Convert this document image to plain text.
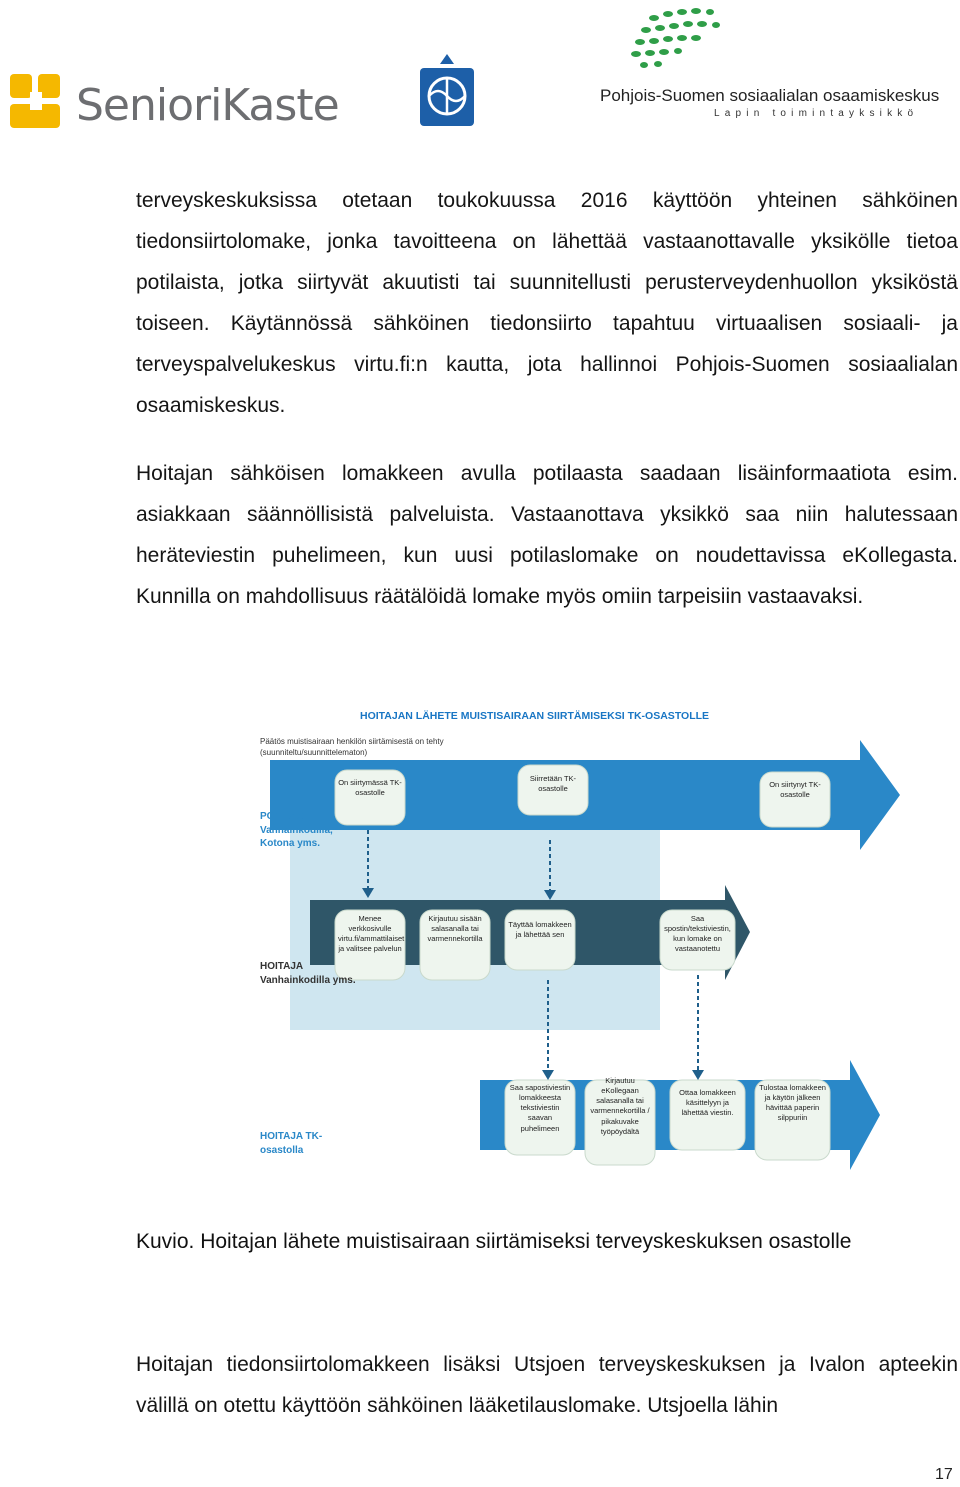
SenioriKaste	Pohjois-Suomen sosiaalialan osaamiskeskus
Lapin toimintayksikkö

terveyskeskuksissa otetaan toukokuussa 2016 käyttöön yhteinen sähköinen tiedonsiirtolomake, jonka tavoitteena on lähettää vastaanottavalle yksikölle tietoa potilaista, jotka siirtyvät akuutisti tai suunnitellusti perusterveydenhuollon yksiköstä toiseen. Käytännössä sähköinen tiedonsiirto tapahtuu virtuaalisen sosiaali- ja terveyspalvelukeskus virtu.fi:n kautta, jota hallinnoi Pohjois-Suomen sosiaalialan osaamiskeskus.

Hoitajan sähköisen lomakkeen avulla potilaasta saadaan lisäinformaatiota esim. asiakkaan säännöllisistä palveluista. Vastaanottava yksikkö saa niin halutessaan heräteviestin puhelimeen, kun uusi potilaslomake on noudettavissa eKollegasta. Kunnilla on mahdollisuus räätälöidä lomake myös omiin tarpeisiin vastaavaksi.

HOITAJAN LÄHETE MUISTISAIRAAN SIIRTÄMISEKSI TK-OSASTOLLE
Päätös muistisairaan henkilön siirtämisestä on tehty (suunniteltu/suunnittelematon)
POTILAS Vanhainkodilla, Kotona yms.
HOITAJA Vanhainkodilla yms.
HOITAJA TK-osastolla
On siirtymässä TK-osastolle
Siirretään TK-osastolle	On siirtynyt TK-osastolle
Menee verkkosivulle virtu.fi/ammattilaiset ja valitsee palvelun
Kirjautuu sisään salasanalla tai varmennekortilla
Täyttää lomakkeen ja lähettää sen
Saa spostin/tekstiviestin, kun lomake on vastaanotettu
Saa sapostiviestin lomakkeesta tekstiviestin saavan puhelimeen
Kirjautuu eKollegaan salasanalla tai varmennekortilla / pikakuvake työpöydältä
Ottaa lomakkeen käsittelyyn ja lähettää viestin.
Tulostaa lomakkeen ja käytön jälkeen hävittää paperin silppuriin
Kuvio. Hoitajan lähete muistisairaan siirtämiseksi terveyskeskuksen osastolle

Hoitajan tiedonsiirtolomakkeen lisäksi Utsjoen terveyskeskuksen ja Ivalon apteekin välillä on otettu käyttöön sähköinen lääketilauslomake. Utsjoella lähin

17
